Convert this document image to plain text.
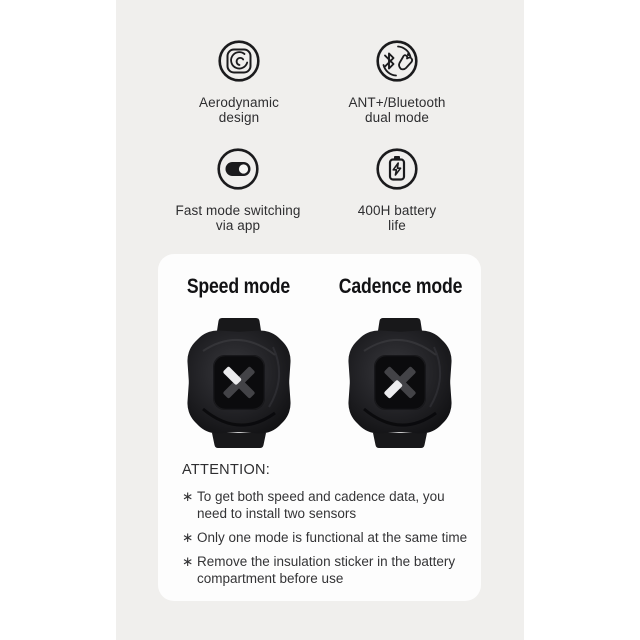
Aerodynamic
design
ANT+/Bluetooth
dual mode
Fast mode switching
via app
400H battery
life
Speed mode Cadence mode
ATTENTION:
∗ To get both speed and cadence data, you
need to install two sensors
∗ Only one mode is functional at the same time
∗ Remove the insulation sticker in the battery
compartment before use
